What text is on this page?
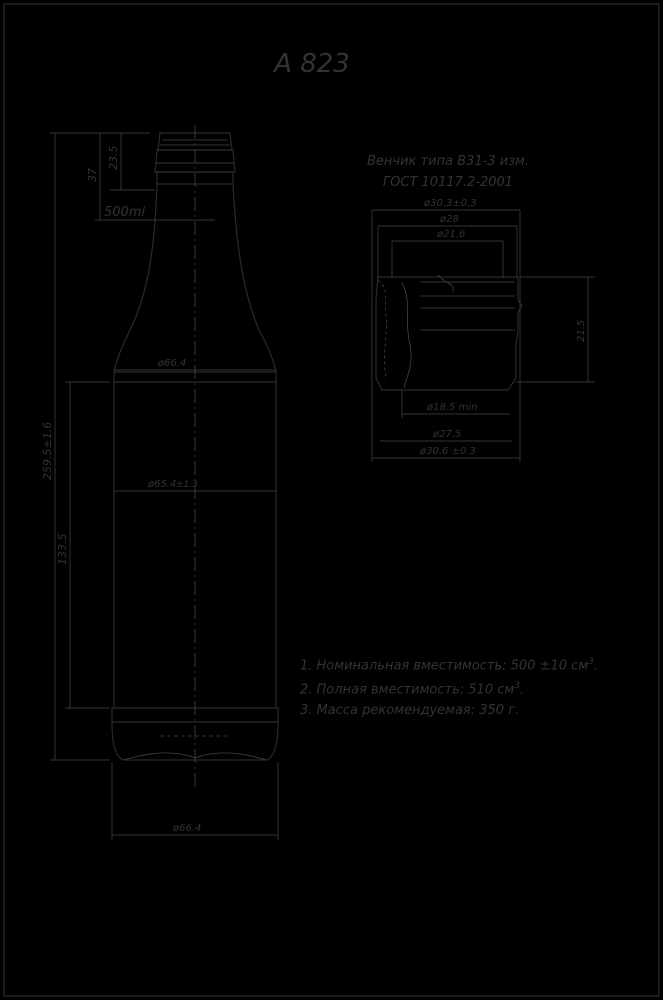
A 823
500ml
37
23.5
259.5±1.6
133.5
ø66.4
ø65.4 ±1.3
ø66.4
Венчик типа В31-3 изм.
ГОСТ 10117.2-2001
ø30.3±0.3
ø28
ø21.6
21.5
ø18.5 min
ø27.5
ø30.6 ±0.3
1. Номинальная вместимость: 500 ±10 $см^3$.
2. Полная вместимость: 510 $см^3$.
3. Масса рекомендуемая: 350 г.
